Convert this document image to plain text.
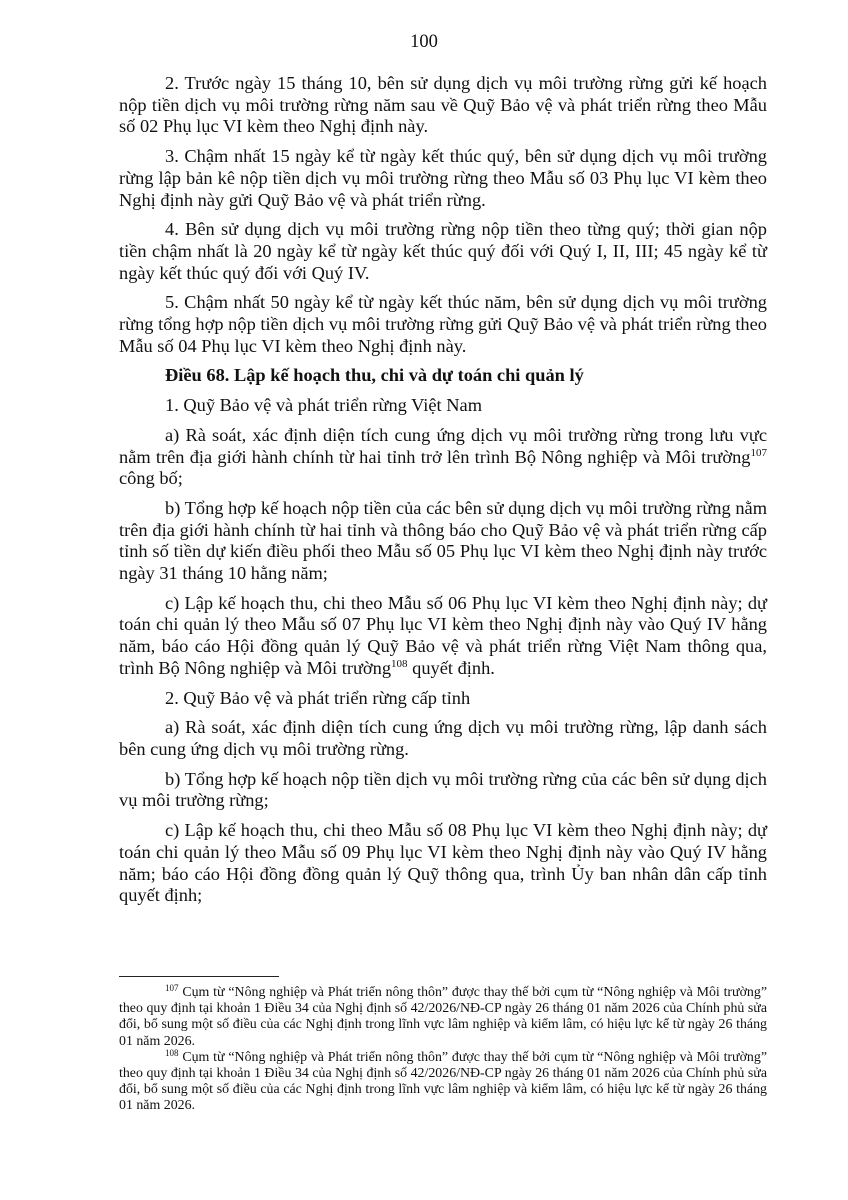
100

2. Trước ngày 15 tháng 10, bên sử dụng dịch vụ môi trường rừng gửi kế hoạch nộp tiền dịch vụ môi trường rừng năm sau về Quỹ Bảo vệ và phát triển rừng theo Mẫu số 02 Phụ lục VI kèm theo Nghị định này.

3. Chậm nhất 15 ngày kể từ ngày kết thúc quý, bên sử dụng dịch vụ môi trường rừng lập bản kê nộp tiền dịch vụ môi trường rừng theo Mẫu số 03 Phụ lục VI kèm theo Nghị định này gửi Quỹ Bảo vệ và phát triển rừng.

4. Bên sử dụng dịch vụ môi trường rừng nộp tiền theo từng quý; thời gian nộp tiền chậm nhất là 20 ngày kể từ ngày kết thúc quý đối với Quý I, II, III; 45 ngày kể từ ngày kết thúc quý đối với Quý IV.

5. Chậm nhất 50 ngày kể từ ngày kết thúc năm, bên sử dụng dịch vụ môi trường rừng tổng hợp nộp tiền dịch vụ môi trường rừng gửi Quỹ Bảo vệ và phát triển rừng theo Mẫu số 04 Phụ lục VI kèm theo Nghị định này.

Điều 68. Lập kế hoạch thu, chi và dự toán chi quản lý

1. Quỹ Bảo vệ và phát triển rừng Việt Nam

a) Rà soát, xác định diện tích cung ứng dịch vụ môi trường rừng trong lưu vực nằm trên địa giới hành chính từ hai tỉnh trở lên trình Bộ Nông nghiệp và Môi trường$^{107}$ công bố;

b) Tổng hợp kế hoạch nộp tiền của các bên sử dụng dịch vụ môi trường rừng nằm trên địa giới hành chính từ hai tỉnh và thông báo cho Quỹ Bảo vệ và phát triển rừng cấp tỉnh số tiền dự kiến điều phối theo Mẫu số 05 Phụ lục VI kèm theo Nghị định này trước ngày 31 tháng 10 hằng năm;

c) Lập kế hoạch thu, chi theo Mẫu số 06 Phụ lục VI kèm theo Nghị định này; dự toán chi quản lý theo Mẫu số 07 Phụ lục VI kèm theo Nghị định này vào Quý IV hằng năm, báo cáo Hội đồng quản lý Quỹ Bảo vệ và phát triển rừng Việt Nam thông qua, trình Bộ Nông nghiệp và Môi trường$^{108}$ quyết định.

2. Quỹ Bảo vệ và phát triển rừng cấp tỉnh

a) Rà soát, xác định diện tích cung ứng dịch vụ môi trường rừng, lập danh sách bên cung ứng dịch vụ môi trường rừng.

b) Tổng hợp kế hoạch nộp tiền dịch vụ môi trường rừng của các bên sử dụng dịch vụ môi trường rừng;

c) Lập kế hoạch thu, chi theo Mẫu số 08 Phụ lục VI kèm theo Nghị định này; dự toán chi quản lý theo Mẫu số 09 Phụ lục VI kèm theo Nghị định này vào Quý IV hằng năm; báo cáo Hội đồng đồng quản lý Quỹ thông qua, trình Ủy ban nhân dân cấp tỉnh quyết định;

$^{107}$ Cụm từ “Nông nghiệp và Phát triển nông thôn” được thay thế bởi cụm từ “Nông nghiệp và Môi trường” theo quy định tại khoản 1 Điều 34 của Nghị định số 42/2026/NĐ-CP ngày 26 tháng 01 năm 2026 của Chính phủ sửa đổi, bổ sung một số điều của các Nghị định trong lĩnh vực lâm nghiệp và kiểm lâm, có hiệu lực kể từ ngày 26 tháng 01 năm 2026.

$^{108}$ Cụm từ “Nông nghiệp và Phát triển nông thôn” được thay thế bởi cụm từ “Nông nghiệp và Môi trường” theo quy định tại khoản 1 Điều 34 của Nghị định số 42/2026/NĐ-CP ngày 26 tháng 01 năm 2026 của Chính phủ sửa đổi, bổ sung một số điều của các Nghị định trong lĩnh vực lâm nghiệp và kiểm lâm, có hiệu lực kể từ ngày 26 tháng 01 năm 2026.
